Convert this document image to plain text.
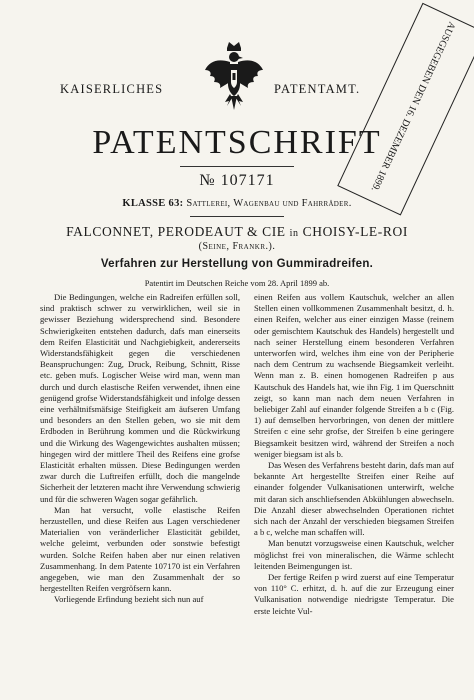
KAISERLICHES	PATENTAMT. AUSGEGEBEN DEN 16. DEZEMBER 1899.
PATENTSCHRIFT
№ 107171
KLASSE 63: Sattlerei, Wagenbau und Fahrräder.
FALCONNET, PERODEAUT & CIE in CHOISY-LE-ROI
(Seine, Frankr.).
Verfahren zur Herstellung von Gummiradreifen.
Patentirt im Deutschen Reiche vom 28. April 1899 ab.

Die Bedingungen, welche ein Radreifen erfüllen soll, sind praktisch schwer zu verwirklichen, weil sie in gewisser Beziehung widersprechend sind. Besondere Schwierigkeiten entstehen dadurch, dafs man einerseits dem Reifen Elasticität und Nachgiebigkeit, andererseits Widerstandsfähigkeit gegen die verschiedenen Beanspruchungen: Zug, Druck, Reibung, Schnitt, Risse etc. geben mufs. Logischer Weise wird man, wenn man durch und durch elastische Reifen verwendet, ihnen eine genügend grofse Widerstandsfähigkeit und infolge dessen eine verhältnifsmäfsige Steifigkeit am äufseren Umfang und besonders an den Stellen geben, wo sie mit dem Erdboden in Berührung kommen und die Rückwirkung und die Wirkung des Wagengewichtes aushalten müssen; hingegen wird der mittlere Theil des Reifens eine grofse Elasticität erhalten müssen. Diese Bedingungen werden zwar durch die Luftreifen erfüllt, doch die mangelnde Sicherheit der letzteren macht ihre Verwendung schwierig und für die schweren Wagen sogar gefährlich.

Man hat versucht, volle elastische Reifen herzustellen, und diese Reifen aus Lagen verschiedener Materialien von veränderlicher Elasticität gebildet, welche geleimt, verbunden oder sonstwie befestigt wurden. Solche Reifen haben aber nur einen relativen Zusammenhang. In dem Patente 107170 ist ein Verfahren angegeben, wie man den Zusammenhalt der so hergestellten Reifen vergröfsern kann.

Vorliegende Erfindung bezieht sich nun auf

einen Reifen aus vollem Kautschuk, welcher an allen Stellen einen vollkommenen Zusammenhalt besitzt, d. h. einen Reifen, welcher aus einer einzigen Masse (reinem oder gemischtem Kautschuk des Handels) hergestellt und nach seiner Herstellung einem besonderen Verfahren unterworfen wird, welches ihm eine von der Peripherie nach dem Centrum zu wachsende Biegsamkeit verleiht. Wenn man z. B. einen homogenen Radreifen p aus Kautschuk des Handels hat, wie ihn Fig. 1 im Querschnitt zeigt, so kann man nach dem neuen Verfahren in beliebiger Zahl auf einander folgende Streifen a b c (Fig. 1) auf demselben hervorbringen, von denen der mittlere Streifen c eine sehr grofse, der Streifen b eine geringere Biegsamkeit besitzen wird, während der Streifen a noch weniger biegsam ist als b.

Das Wesen des Verfahrens besteht darin, dafs man auf bekannte Art hergestellte Streifen einer Reihe auf einander folgender Vulkanisationen unterwirft, welche mit daran sich anschliefsenden Abkühlungen abwechseln. Die Anzahl dieser abwechselnden Operationen richtet sich nach der Anzahl der verschieden biegsamen Streifen a b c, welche man schaffen will.

Man benutzt vorzugsweise einen Kautschuk, welcher möglichst frei von mineralischen, die Wärme schlecht leitenden Beimengungen ist.

Der fertige Reifen p wird zuerst auf eine Temperatur von 110° C. erhitzt, d. h. auf die zur Erzeugung einer Vulkanisation notwendige niedrigste Temperatur. Die erste leichte Vul-
